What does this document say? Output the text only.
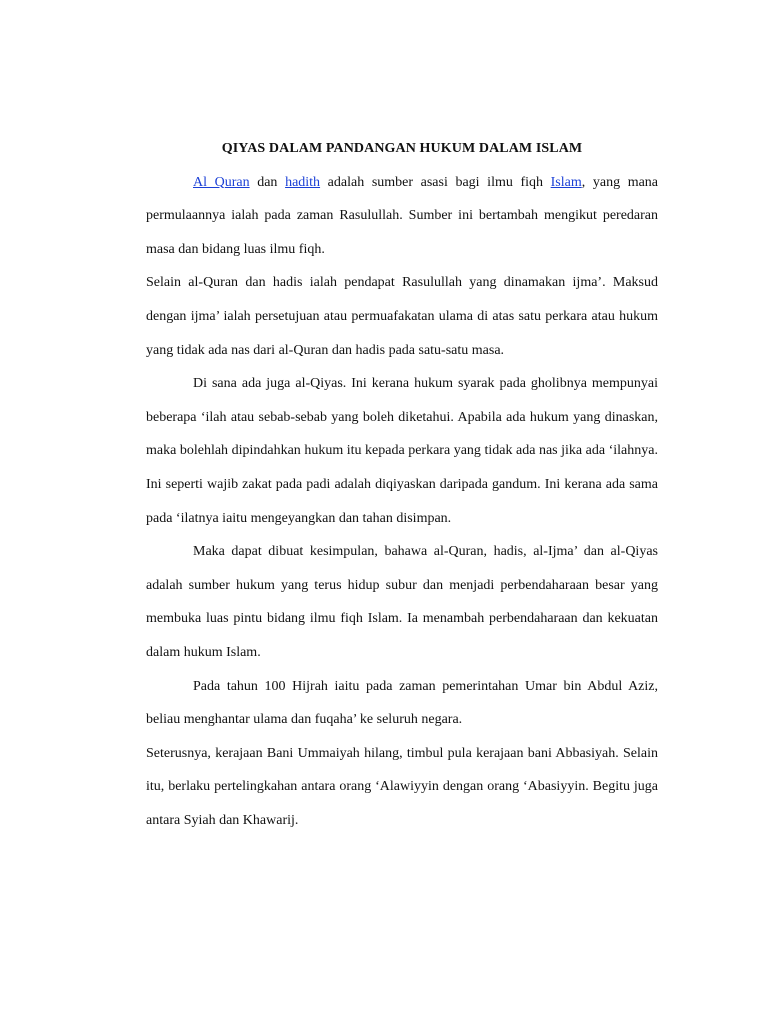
QIYAS DALAM PANDANGAN HUKUM DALAM ISLAM

Al Quran dan hadith adalah sumber asasi bagi ilmu fiqh Islam, yang mana permulaannya ialah pada zaman Rasulullah. Sumber ini bertambah mengikut peredaran masa dan bidang luas ilmu fiqh.

Selain al-Quran dan hadis ialah pendapat Rasulullah yang dinamakan ijma’. Maksud dengan ijma’ ialah persetujuan atau permuafakatan ulama di atas satu perkara atau hukum yang tidak ada nas dari al-Quran dan hadis pada satu-satu masa.

Di sana ada juga al-Qiyas. Ini kerana hukum syarak pada gholibnya mempunyai beberapa ‘ilah atau sebab-sebab yang boleh diketahui. Apabila ada hukum yang dinaskan, maka bolehlah dipindahkan hukum itu kepada perkara yang tidak ada nas jika ada ‘ilahnya. Ini seperti wajib zakat pada padi adalah diqiyaskan daripada gandum. Ini kerana ada sama pada ‘ilatnya iaitu mengeyangkan dan tahan disimpan.

Maka dapat dibuat kesimpulan, bahawa al-Quran, hadis, al-Ijma’ dan al-Qiyas adalah sumber hukum yang terus hidup subur dan menjadi perbendaharaan besar yang membuka luas pintu bidang ilmu fiqh Islam. Ia menambah perbendaharaan dan kekuatan dalam hukum Islam.

Pada tahun 100 Hijrah iaitu pada zaman pemerintahan Umar bin Abdul Aziz, beliau menghantar ulama dan fuqaha’ ke seluruh negara.

Seterusnya, kerajaan Bani Ummaiyah hilang, timbul pula kerajaan bani Abbasiyah. Selain itu, berlaku pertelingkahan antara orang ‘Alawiyyin dengan orang ‘Abasiyyin. Begitu juga antara Syiah dan Khawarij.
